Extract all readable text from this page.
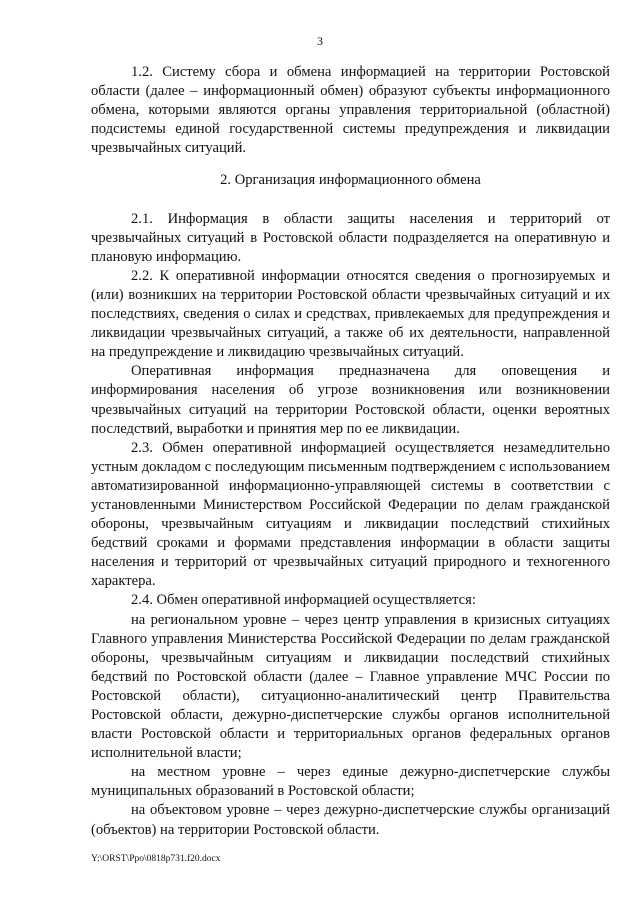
3

1.2. Систему сбора и обмена информацией на территории Ростовской области (далее – информационный обмен) образуют субъекты информационного обмена, которыми являются органы управления территориальной (областной) подсистемы единой государственной системы предупреждения и ликвидации чрезвычайных ситуаций.

2. Организация информационного обмена

2.1. Информация в области защиты населения и территорий от чрезвычайных ситуаций в Ростовской области подразделяется на оперативную и плановую информацию.

2.2. К оперативной информации относятся сведения о прогнозируемых и (или) возникших на территории Ростовской области чрезвычайных ситуаций и их последствиях, сведения о силах и средствах, привлекаемых для предупреждения и ликвидации чрезвычайных ситуаций, а также об их деятельности, направленной на предупреждение и ликвидацию чрезвычайных ситуаций.

Оперативная информация предназначена для оповещения и информирования населения об угрозе возникновения или возникновении чрезвычайных ситуаций на территории Ростовской области, оценки вероятных последствий, выработки и принятия мер по ее ликвидации.

2.3. Обмен оперативной информацией осуществляется незамедлительно устным докладом с последующим письменным подтверждением с использованием автоматизированной информационно-управляющей системы в соответствии с установленными Министерством Российской Федерации по делам гражданской обороны, чрезвычайным ситуациям и ликвидации последствий стихийных бедствий сроками и формами представления информации в области защиты населения и территорий от чрезвычайных ситуаций природного и техногенного характера.

2.4. Обмен оперативной информацией осуществляется:

на региональном уровне – через центр управления в кризисных ситуациях Главного управления Министерства Российской Федерации по делам гражданской обороны, чрезвычайным ситуациям и ликвидации последствий стихийных бедствий по Ростовской области (далее – Главное управление МЧС России по Ростовской области), ситуационно-аналитический центр Правительства Ростовской области, дежурно-диспетчерские службы органов исполнительной власти Ростовской области и территориальных органов федеральных органов исполнительной власти;

на местном уровне – через единые дежурно-диспетчерские службы муниципальных образований в Ростовской области;

на объектовом уровне – через дежурно-диспетчерские службы организаций (объектов) на территории Ростовской области.

Y:\ORST\Ppo\0818p731.f20.docx
